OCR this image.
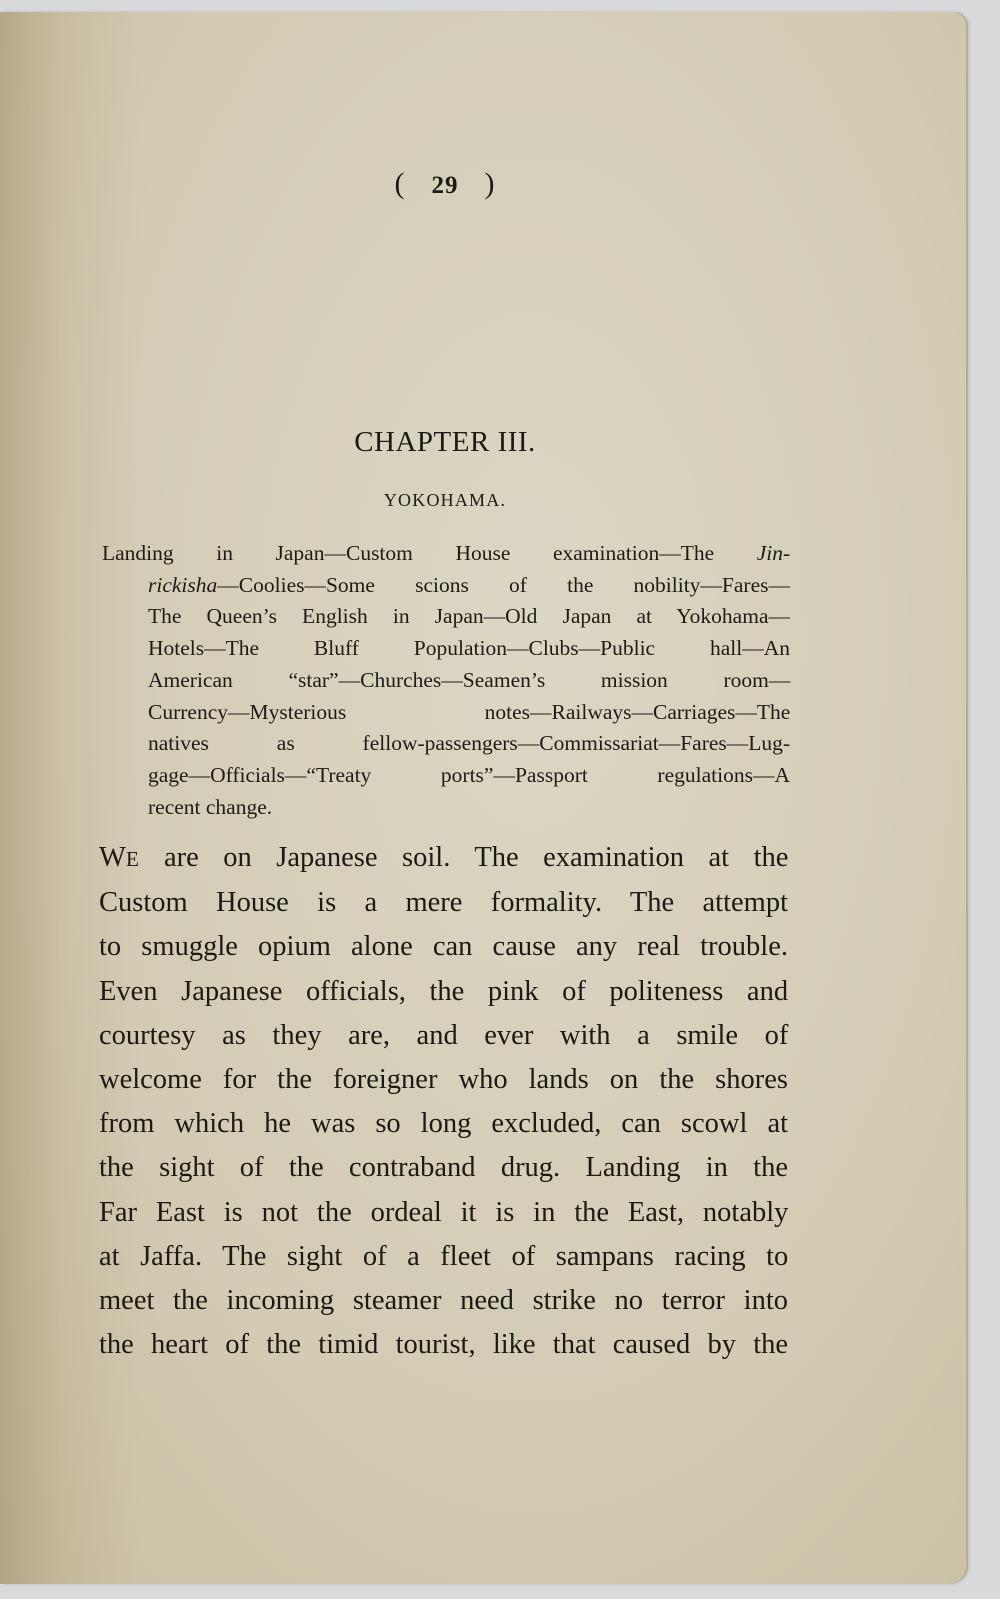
( 29 )
CHAPTER III.
YOKOHAMA.
Landing in Japan—Custom House examination—The Jin-
rickisha—Coolies—Some scions of the nobility—Fares—
The Queen’s English in Japan—Old Japan at Yokohama—
Hotels—The Bluff Population—Clubs—Public hall—An
American “star”—Churches—Seamen’s mission room—
Currency—Mysterious notes—Railways—Carriages—The
natives as fellow-passengers—Commissariat—Fares—Lug-
gage—Officials—“Treaty ports”—Passport regulations—A
recent change.
WE are on Japanese soil. The examination at the
Custom House is a mere formality. The attempt
to smuggle opium alone can cause any real trouble.
Even Japanese officials, the pink of politeness and
courtesy as they are, and ever with a smile of
welcome for the foreigner who lands on the shores
from which he was so long excluded, can scowl at
the sight of the contraband drug. Landing in the
Far East is not the ordeal it is in the East, notably
at Jaffa. The sight of a fleet of sampans racing to
meet the incoming steamer need strike no terror into
the heart of the timid tourist, like that caused by the
